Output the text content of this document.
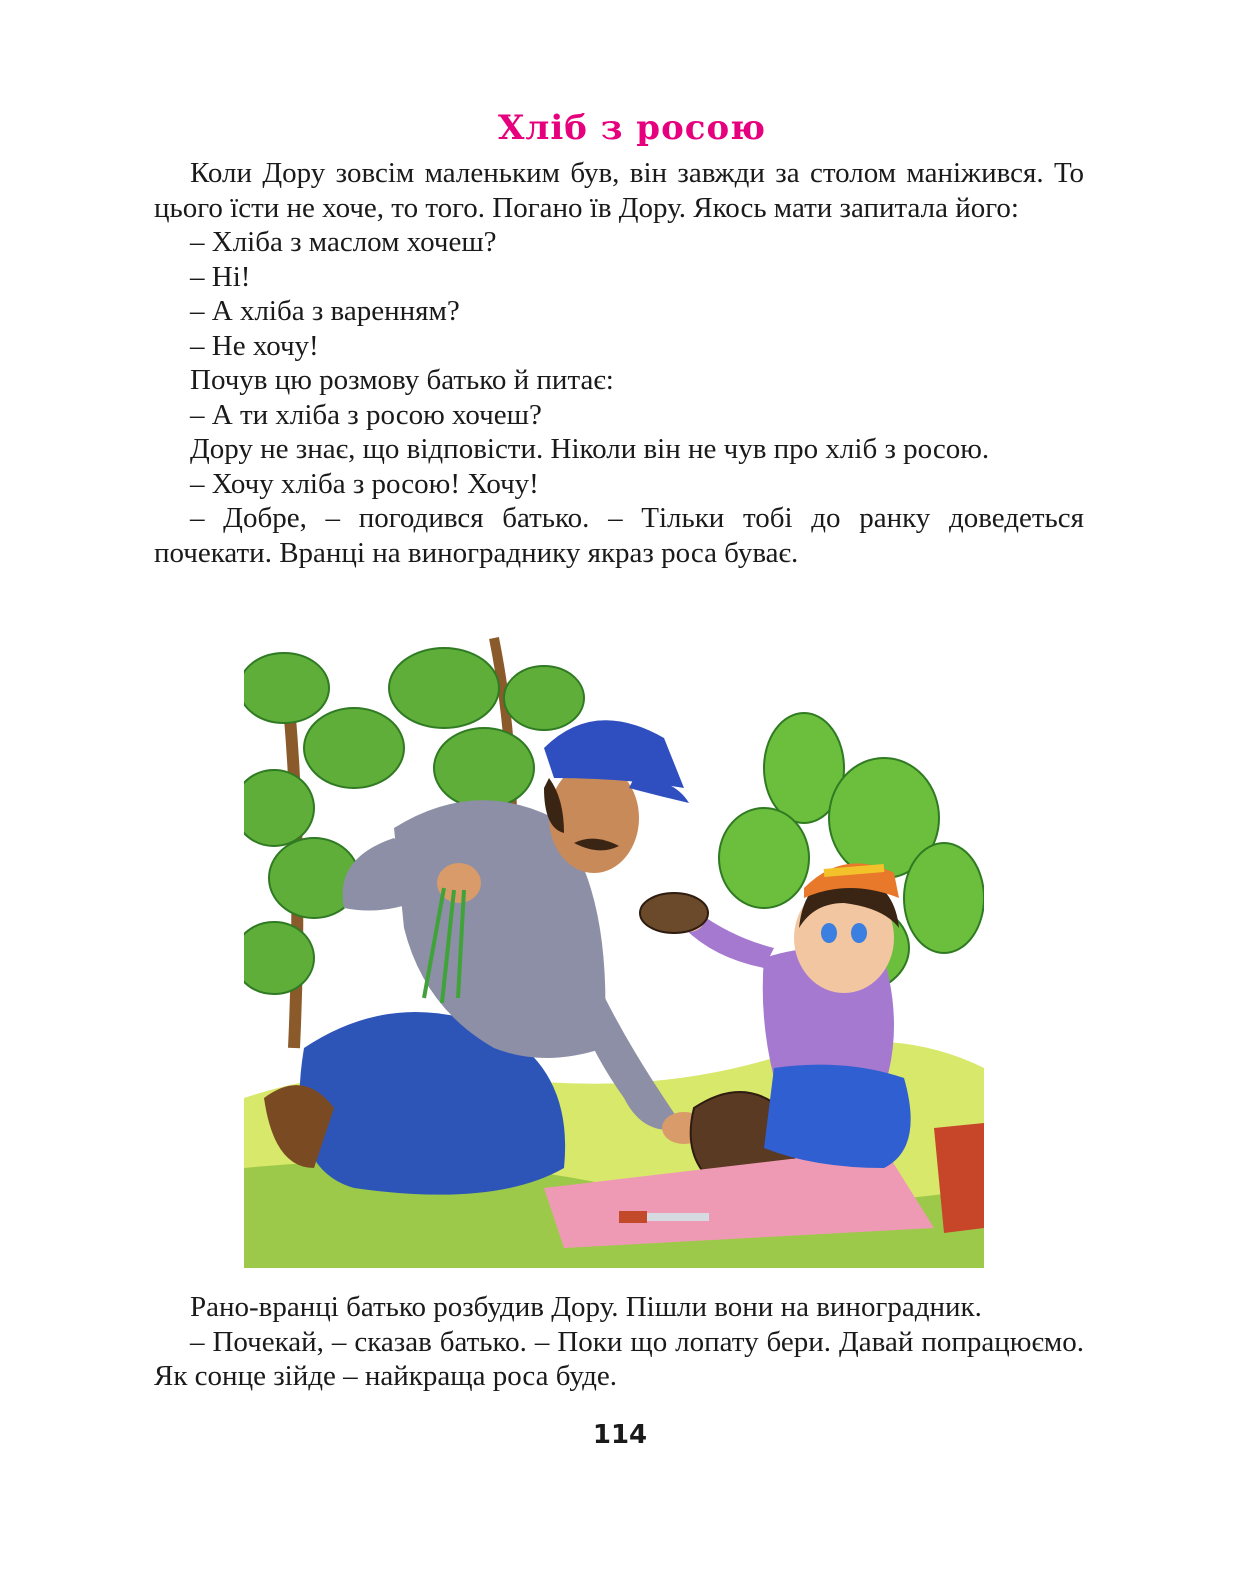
Хліб з росою

Коли Дору зовсім маленьким був, він завжди за столом маніжився. То цього їсти не хоче, то того. Погано їв Дору. Якось мати запитала його:

– Хліба з маслом хочеш?

– Ні!

– А хліба з варенням?

– Не хочу!

Почув цю розмову батько й питає:

– А ти хліба з росою хочеш?

Дору не знає, що відповісти. Ніколи він не чув про хліб з росою.

– Хочу хліба з росою! Хочу!

– Добре, – погодився батько. – Тільки тобі до ранку доведеться почекати. Вранці на винограднику якраз роса буває.

Рано-вранці батько розбудив Дору. Пішли вони на виноградник.

– Почекай, – сказав батько. – Поки що лопату бери. Давай попрацюємо. Як сонце зійде – найкраща роса буде.

114
